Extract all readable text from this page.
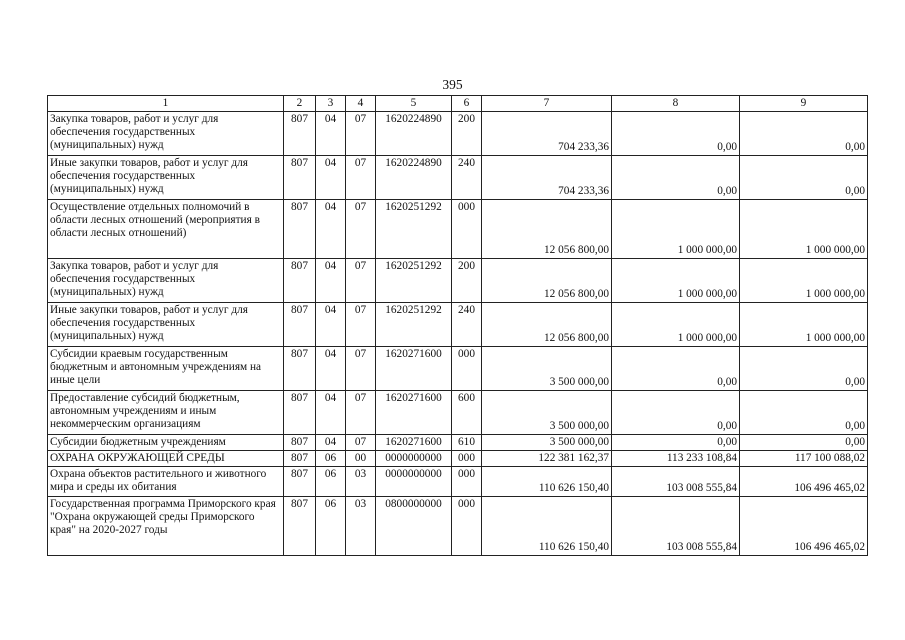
395
1	2	3	4	5	6	7	8	9
Закупка товаров, работ и услуг для обеспечения государственных (муниципальных) нужд	807	04	07	1620224890	200	704 233,36	0,00	0,00
Иные закупки товаров, работ и услуг для обеспечения государственных (муниципальных) нужд	807	04	07	1620224890	240	704 233,36	0,00	0,00
Осуществление отдельных полномочий в области лесных отношений (мероприятия в области лесных отношений)	807	04	07	1620251292	000	12 056 800,00	1 000 000,00	1 000 000,00
Закупка товаров, работ и услуг для обеспечения государственных (муниципальных) нужд	807	04	07	1620251292	200	12 056 800,00	1 000 000,00	1 000 000,00
Иные закупки товаров, работ и услуг для обеспечения государственных (муниципальных) нужд	807	04	07	1620251292	240	12 056 800,00	1 000 000,00	1 000 000,00
Субсидии краевым государственным бюджетным и автономным учреждениям на иные цели	807	04	07	1620271600	000	3 500 000,00	0,00	0,00
Предоставление субсидий бюджетным, автономным учреждениям и иным некоммерческим организациям	807	04	07	1620271600	600	3 500 000,00	0,00	0,00
Субсидии бюджетным учреждениям	807	04	07	1620271600	610	3 500 000,00	0,00	0,00
ОХРАНА ОКРУЖАЮЩЕЙ СРЕДЫ	807	06	00	0000000000	000	122 381 162,37	113 233 108,84	117 100 088,02
Охрана объектов растительного и животного мира и среды их обитания	807	06	03	0000000000	000	110 626 150,40	103 008 555,84	106 496 465,02
Государственная программа Приморского края "Охрана окружающей среды Приморского края" на 2020-2027 годы	807	06	03	0800000000	000	110 626 150,40	103 008 555,84	106 496 465,02
